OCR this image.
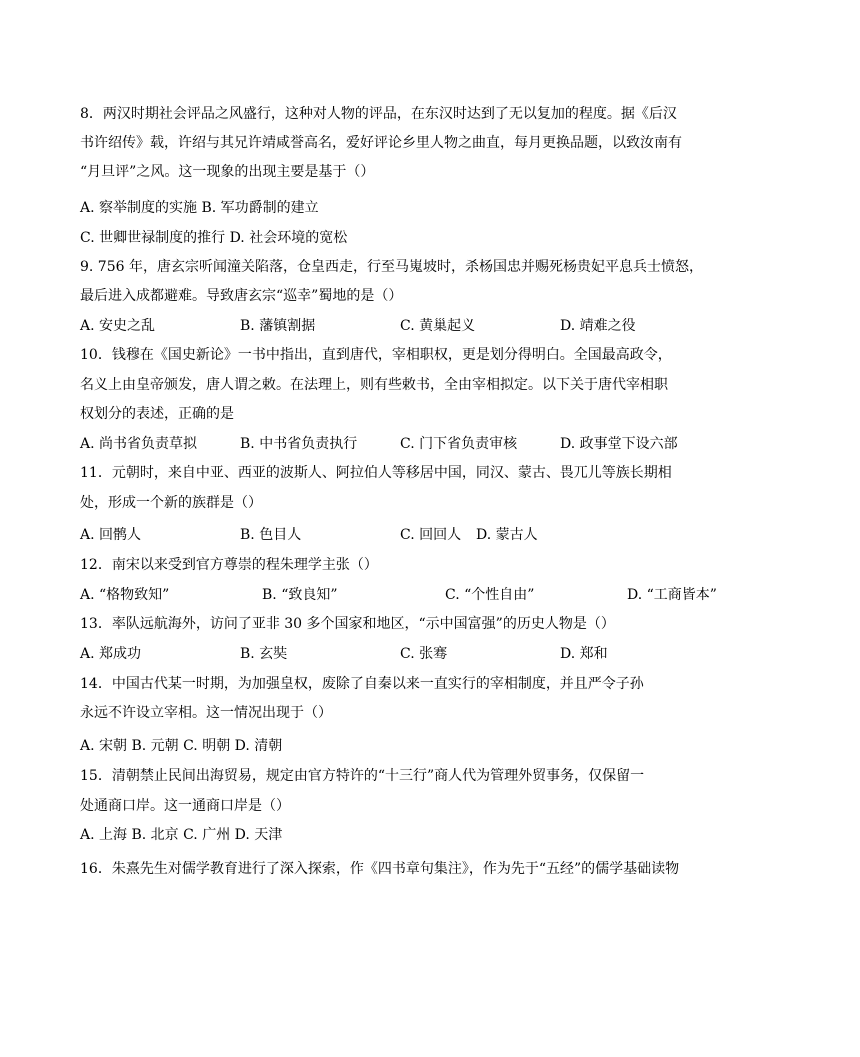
8．两汉时期社会评品之风盛行，这种对人物的评品，在东汉时达到了无以复加的程度。据《后汉
书许绍传》载，许绍与其兄许靖咸誉高名，爱好评论乡里人物之曲直，每月更换品题，以致汝南有
“月旦评”之风。这一现象的出现主要是基于（）
A. 察举制度的实施 B. 军功爵制的建立
C. 世卿世禄制度的推行 D. 社会环境的宽松
9. 756 年，唐玄宗听闻潼关陷落，仓皇西走，行至马嵬坡时，杀杨国忠并赐死杨贵妃平息兵士愤怒，
最后进入成都避难。导致唐玄宗“巡幸”蜀地的是（）
A. 安史之乱	B. 藩镇割据	C. 黄巢起义	D. 靖难之役
10．钱穆在《国史新论》一书中指出，直到唐代，宰相职权，更是划分得明白。全国最高政令，
名义上由皇帝颁发，唐人谓之敕。在法理上，则有些敕书，全由宰相拟定。以下关于唐代宰相职
权划分的表述，正确的是
A. 尚书省负责草拟	B. 中书省负责执行	C. 门下省负责审核	D. 政事堂下设六部
11．元朝时，来自中亚、西亚的波斯人、阿拉伯人等移居中国，同汉、蒙古、畏兀儿等族长期相
处，形成一个新的族群是（）
A. 回鹘人	B. 色目人	C. 回回人 D. 蒙古人
12．南宋以来受到官方尊崇的程朱理学主张（）
A. “格物致知”	B. “致良知”	C. “个性自由”	D. “工商皆本”
13．率队远航海外，访问了亚非 30 多个国家和地区，“示中国富强”的历史人物是（）
A. 郑成功	B. 玄奘	C. 张骞	D. 郑和
14．中国古代某一时期，为加强皇权，废除了自秦以来一直实行的宰相制度，并且严令子孙
永远不许设立宰相。这一情况出现于（）
A. 宋朝 B. 元朝 C. 明朝 D. 清朝
15．清朝禁止民间出海贸易，规定由官方特许的“十三行”商人代为管理外贸事务，仅保留一
处通商口岸。这一通商口岸是（）
A. 上海 B. 北京 C. 广州 D. 天津
16．朱熹先生对儒学教育进行了深入探索，作《四书章句集注》，作为先于“五经”的儒学基础读物
